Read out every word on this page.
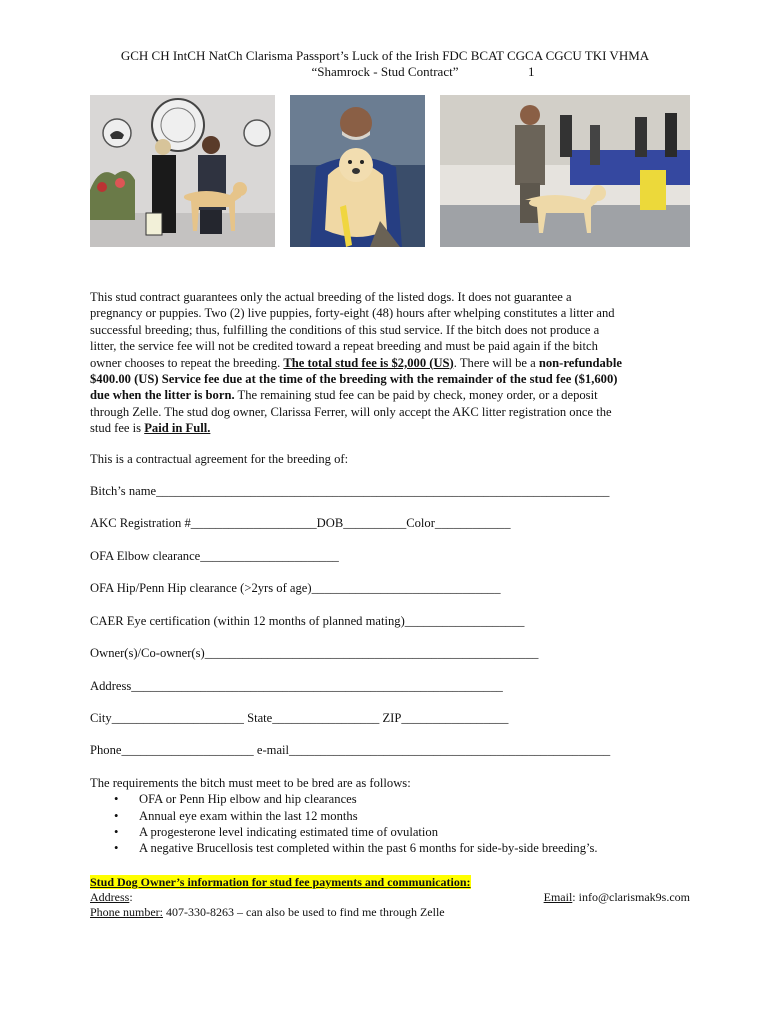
GCH CH IntCH NatCh Clarisma Passport’s Luck of the Irish FDC BCAT CGCA CGCU TKI VHMA
“Shamrock - Stud Contract”	1

This stud contract guarantees only the actual breeding of the listed dogs. It does not guarantee a

pregnancy or puppies. Two (2) live puppies, forty-eight (48) hours after whelping constitutes a litter and

successful breeding; thus, fulfilling the conditions of this stud service. If the bitch does not produce a

litter, the service fee will not be credited toward a repeat breeding and must be paid again if the bitch

owner chooses to repeat the breeding. The total stud fee is $2,000 (US). There will be a non-refundable

$400.00 (US) Service fee due at the time of the breeding with the remainder of the stud fee ($1,600)

due when the litter is born. The remaining stud fee can be paid by check, money order, or a deposit

through Zelle. The stud dog owner, Clarissa Ferrer, will only accept the AKC litter registration once the

stud fee is Paid in Full.

This is a contractual agreement for the breeding of:
Bitch’s name________________________________________________________________________
AKC Registration #____________________DOB__________Color____________
OFA Elbow clearance______________________
OFA Hip/Penn Hip clearance (>2yrs of age)______________________________
CAER Eye certification (within 12 months of planned mating)___________________
Owner(s)/Co-owner(s)_____________________________________________________
Address___________________________________________________________
City_____________________ State_________________ ZIP_________________
Phone_____________________ e-mail___________________________________________________
The requirements the bitch must meet to be bred are as follows:
• OFA or Penn Hip elbow and hip clearances
• Annual eye exam within the last 12 months
• A progesterone level indicating estimated time of ovulation
• A negative Brucellosis test completed within the past 6 months for side-by-side breeding’s.
Stud Dog Owner’s information for stud fee payments and communication:
Address:	Email: info@clarismak9s.com
Phone number: 407-330-8263 – can also be used to find me through Zelle
